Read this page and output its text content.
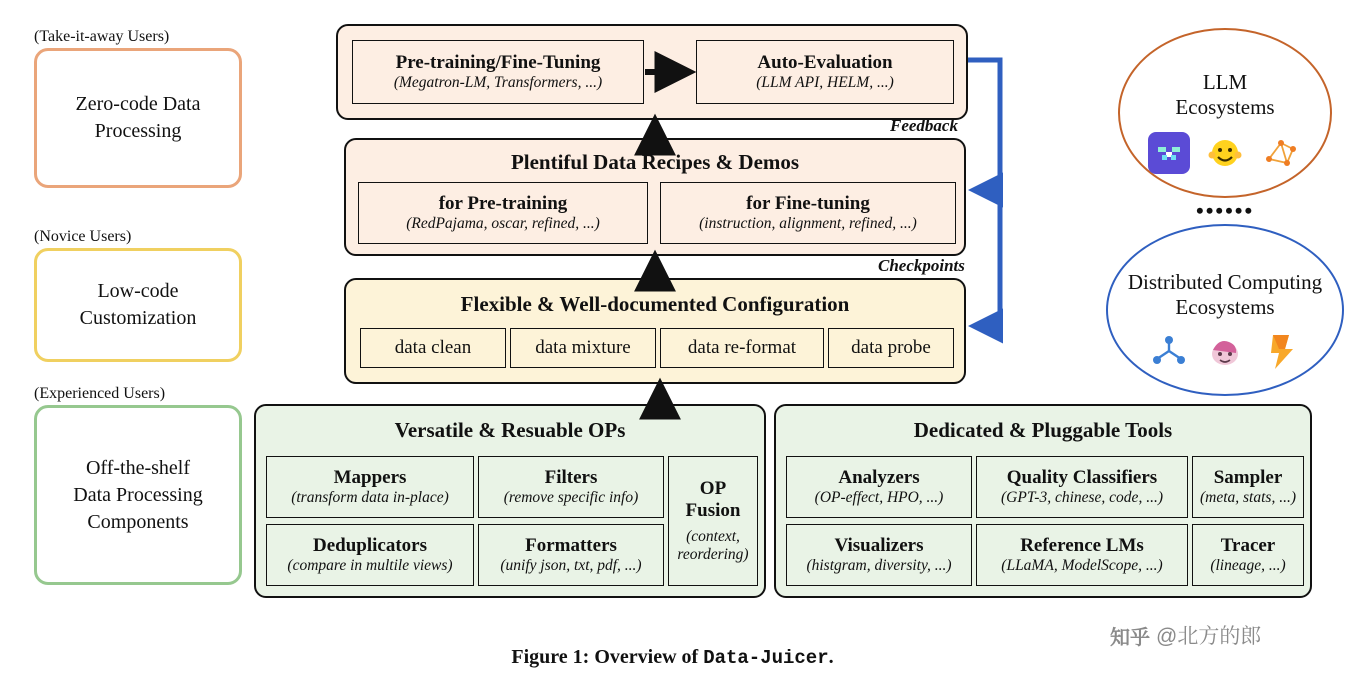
(Take-it-away Users)
Zero-code Data
Processing
(Novice Users)
Low-code
Customization
(Experienced Users)
Off-the-shelf
Data Processing
Components
Pre-training/Fine-Tuning
(Megatron-LM, Transformers, ...)
Auto-Evaluation
(LLM API, HELM, ...)
Plentiful Data Recipes & Demos
for Pre-training
(RedPajama, oscar, refined, ...)
for Fine-tuning
(instruction, alignment, refined, ...)
Flexible & Well-documented Configuration
data clean	data mixture	data re-format	data probe
Versatile & Resuable OPs
Mappers
(transform data in-place)
Filters
(remove specific info)
Deduplicators
(compare in multile views)
Formatters
(unify json, txt, pdf, ...)
OP
Fusion
(context,
reordering)
Dedicated & Pluggable Tools
Analyzers
(OP-effect, HPO, ...)
Quality Classifiers
(GPT-3, chinese, code, ...)
Sampler
(meta, stats, ...)
Visualizers
(histgram, diversity, ...)
Reference LMs
(LLaMA, ModelScope, ...)
Tracer
(lineage, ...)
Feedback
Checkpoints
LLM
Ecosystems
••••••
Distributed Computing
Ecosystems
Figure 1: Overview of Data-Juicer.
知乎 @北方的郎
